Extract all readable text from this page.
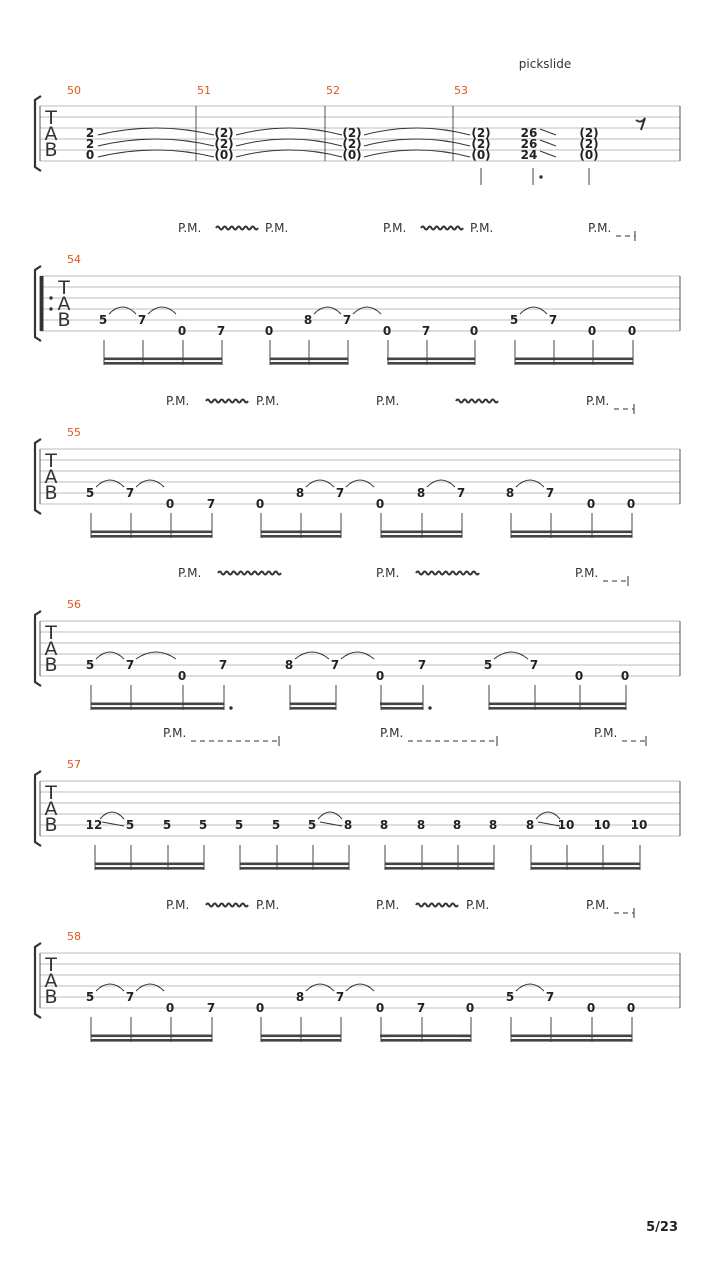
T
A
B
pickslide
50	51	52	53
2
2
0
(2)
(2)
(0)
(2)
(2)
(0)
(2)
(2)
(0)
26
26
24
(2)
(2)
(0)
T
A
B
54
P.M.	P.M.	P.M.	P.M.	P.M.
5	7
0	7	0
8	7
0	7	0
5	7
0	0
T
A
B
55
P.M.	P.M.	P.M.	P.M.
5	7
0	7	0
8	7
0
8	7	8	7
0	0
T
A
B
56
P.M.	P.M.	P.M.
5	7
0
7	8	7
0
7	5	7
0	0
T
A
B
57
P.M.	P.M.	P.M.
12 5 5 5 5 5 5 8 8 8 8 8 8 10 10 10
T
A
B
58
P.M.	P.M.	P.M.	P.M.	P.M.
5	7
0	7	0
8	7
0	7	0
5	7
0	0
5/23
